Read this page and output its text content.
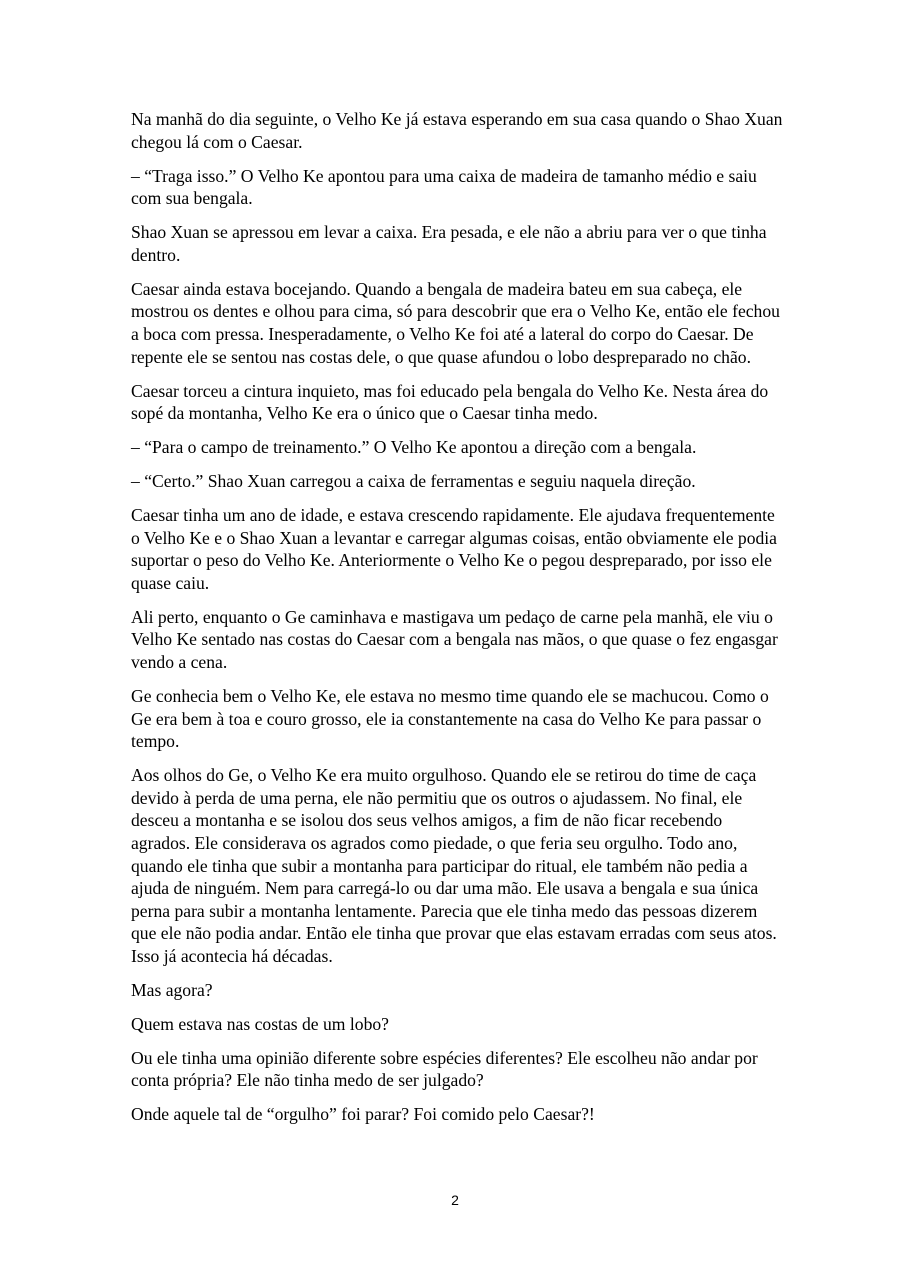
Na manhã do dia seguinte, o Velho Ke já estava esperando em sua casa quando o Shao Xuan chegou lá com o Caesar.

– “Traga isso.” O Velho Ke apontou para uma caixa de madeira de tamanho médio e saiu com sua bengala.

Shao Xuan se apressou em levar a caixa. Era pesada, e ele não a abriu para ver o que tinha dentro.

Caesar ainda estava bocejando. Quando a bengala de madeira bateu em sua cabeça, ele mostrou os dentes e olhou para cima, só para descobrir que era o Velho Ke, então ele fechou a boca com pressa. Inesperadamente, o Velho Ke foi até a lateral do corpo do Caesar. De repente ele se sentou nas costas dele, o que quase afundou o lobo despreparado no chão.

Caesar torceu a cintura inquieto, mas foi educado pela bengala do Velho Ke. Nesta área do sopé da montanha, Velho Ke era o único que o Caesar tinha medo.

– “Para o campo de treinamento.” O Velho Ke apontou a direção com a bengala.

– “Certo.” Shao Xuan carregou a caixa de ferramentas e seguiu naquela direção.

Caesar tinha um ano de idade, e estava crescendo rapidamente. Ele ajudava frequentemente o Velho Ke e o Shao Xuan a levantar e carregar algumas coisas, então obviamente ele podia suportar o peso do Velho Ke. Anteriormente o Velho Ke o pegou despreparado, por isso ele quase caiu.

Ali perto, enquanto o Ge caminhava e mastigava um pedaço de carne pela manhã, ele viu o Velho Ke sentado nas costas do Caesar com a bengala nas mãos, o que quase o fez engasgar vendo a cena.

Ge conhecia bem o Velho Ke, ele estava no mesmo time quando ele se machucou. Como o Ge era bem à toa e couro grosso, ele ia constantemente na casa do Velho Ke para passar o tempo.

Aos olhos do Ge, o Velho Ke era muito orgulhoso. Quando ele se retirou do time de caça devido à perda de uma perna, ele não permitiu que os outros o ajudassem. No final, ele desceu a montanha e se isolou dos seus velhos amigos, a fim de não ficar recebendo agrados. Ele considerava os agrados como piedade, o que feria seu orgulho. Todo ano, quando ele tinha que subir a montanha para participar do ritual, ele também não pedia a ajuda de ninguém. Nem para carregá-lo ou dar uma mão. Ele usava a bengala e sua única perna para subir a montanha lentamente. Parecia que ele tinha medo das pessoas dizerem que ele não podia andar. Então ele tinha que provar que elas estavam erradas com seus atos. Isso já acontecia há décadas.

Mas agora?

Quem estava nas costas de um lobo?

Ou ele tinha uma opinião diferente sobre espécies diferentes? Ele escolheu não andar por conta própria? Ele não tinha medo de ser julgado?

Onde aquele tal de “orgulho” foi parar? Foi comido pelo Caesar?!

2
